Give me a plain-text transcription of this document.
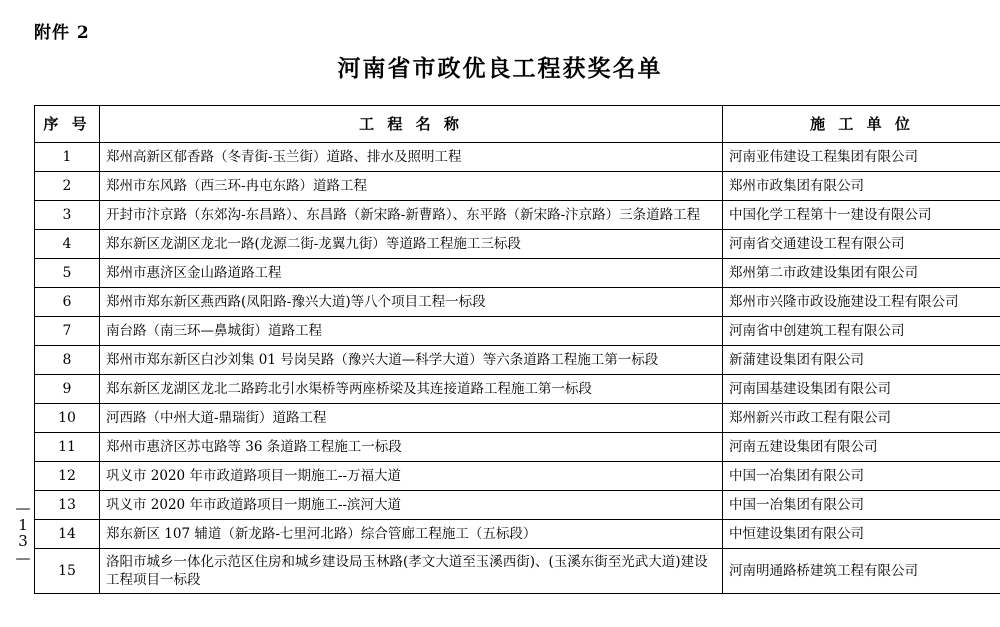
附件 2
河南省市政优良工程获奖名单
—
1
3
—
序 号	工 程 名 称	施 工 单 位
1	郑州高新区郁香路（冬青街-玉兰街）道路、排水及照明工程	河南亚伟建设工程集团有限公司
2	郑州市东风路（西三环-冉屯东路）道路工程	郑州市政集团有限公司
3	开封市汴京路（东郊沟-东昌路）、东昌路（新宋路-新曹路）、东平路（新宋路-汴京路）三条道路工程	中国化学工程第十一建设有限公司
4	郑东新区龙湖区龙北一路(龙源二街-龙翼九街）等道路工程施工三标段	河南省交通建设工程有限公司
5	郑州市惠济区金山路道路工程	郑州第二市政建设集团有限公司
6	郑州市郑东新区燕西路(凤阳路-豫兴大道)等八个项目工程一标段	郑州市兴隆市政设施建设工程有限公司
7	南台路（南三环—鼻城街）道路工程	河南省中创建筑工程有限公司
8	郑州市郑东新区白沙刘集 01 号岗吴路（豫兴大道—科学大道）等六条道路工程施工第一标段	新蒲建设集团有限公司
9	郑东新区龙湖区龙北二路跨北引水渠桥等两座桥梁及其连接道路工程施工第一标段	河南国基建设集团有限公司
10	河西路（中州大道-鼎瑞街）道路工程	郑州新兴市政工程有限公司
11	郑州市惠济区苏屯路等 36 条道路工程施工一标段	河南五建设集团有限公司
12	巩义市 2020 年市政道路项目一期施工--万福大道	中国一冶集团有限公司
13	巩义市 2020 年市政道路项目一期施工--滨河大道	中国一冶集团有限公司
14	郑东新区 107 辅道（新龙路-七里河北路）综合管廊工程施工（五标段）	中恒建设集团有限公司
15	洛阳市城乡一体化示范区住房和城乡建设局玉林路(孝文大道至玉溪西街)、(玉溪东街至光武大道)建设工程项目一标段	河南明通路桥建筑工程有限公司
